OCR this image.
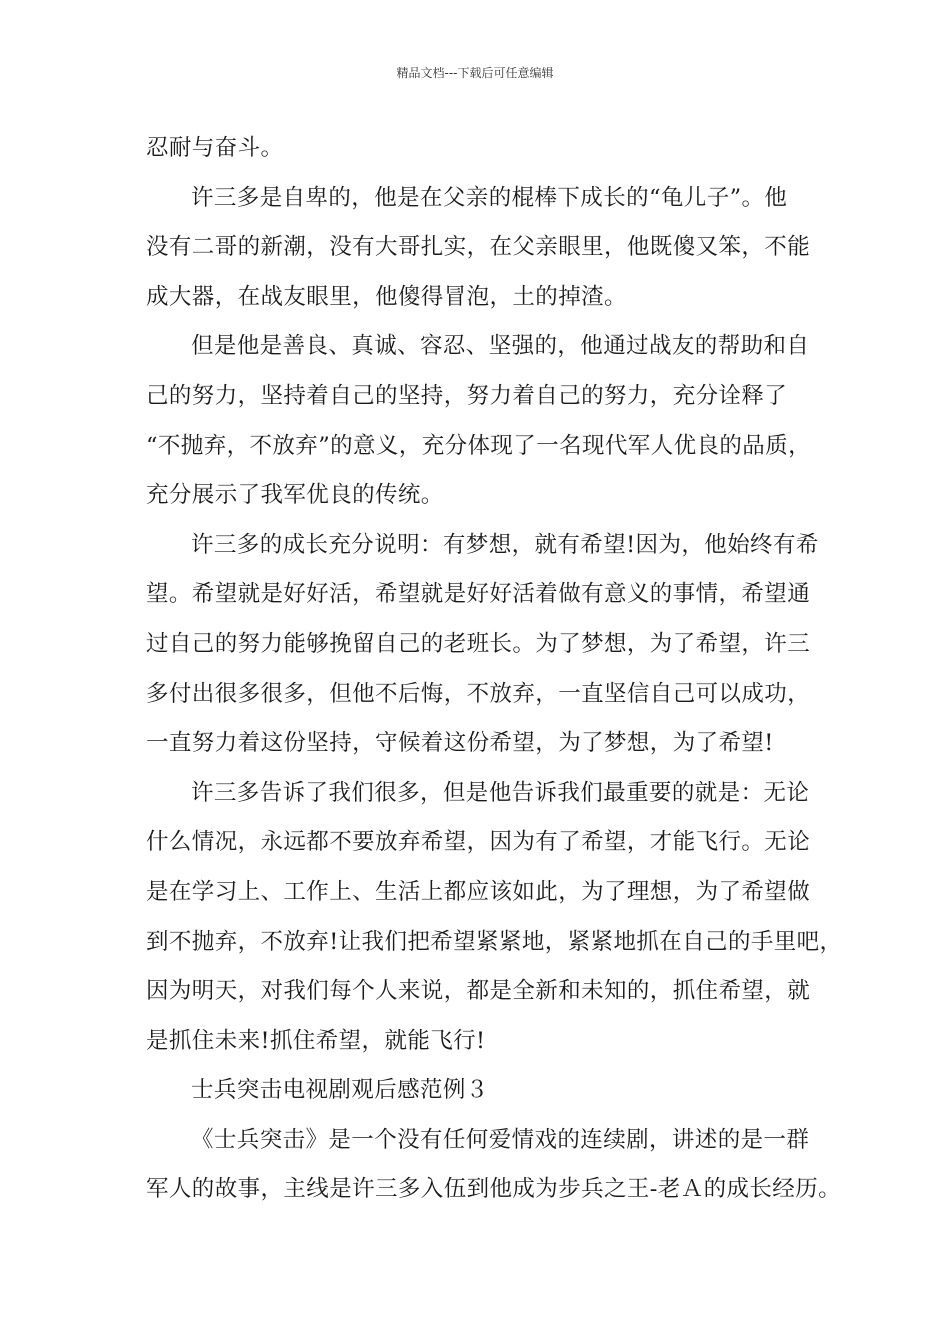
精品文档---下载后可任意编辑
忍耐与奋斗。
许三多是自卑的，他是在父亲的棍棒下成长的“龟儿子”。他
没有二哥的新潮，没有大哥扎实，在父亲眼里，他既傻又笨，不能
成大器，在战友眼里，他傻得冒泡，土的掉渣。
但是他是善良、真诚、容忍、坚强的，他通过战友的帮助和自
己的努力，坚持着自己的坚持，努力着自己的努力，充分诠释了
“不抛弃，不放弃”的意义，充分体现了一名现代军人优良的品质，
充分展示了我军优良的传统。
许三多的成长充分说明：有梦想，就有希望!因为，他始终有希
望。希望就是好好活，希望就是好好活着做有意义的事情，希望通
过自己的努力能够挽留自己的老班长。为了梦想，为了希望，许三
多付出很多很多，但他不后悔，不放弃，一直坚信自己可以成功，
一直努力着这份坚持，守候着这份希望，为了梦想，为了希望!
许三多告诉了我们很多，但是他告诉我们最重要的就是：无论
什么情况，永远都不要放弃希望，因为有了希望，才能飞行。无论
是在学习上、工作上、生活上都应该如此，为了理想，为了希望做
到不抛弃，不放弃!让我们把希望紧紧地，紧紧地抓在自己的手里吧，
因为明天，对我们每个人来说，都是全新和未知的，抓住希望，就
是抓住未来!抓住希望，就能飞行!
士兵突击电视剧观后感范例３
《士兵突击》是一个没有任何爱情戏的连续剧，讲述的是一群
军人的故事，主线是许三多入伍到他成为步兵之王-老Ａ的成长经历。
